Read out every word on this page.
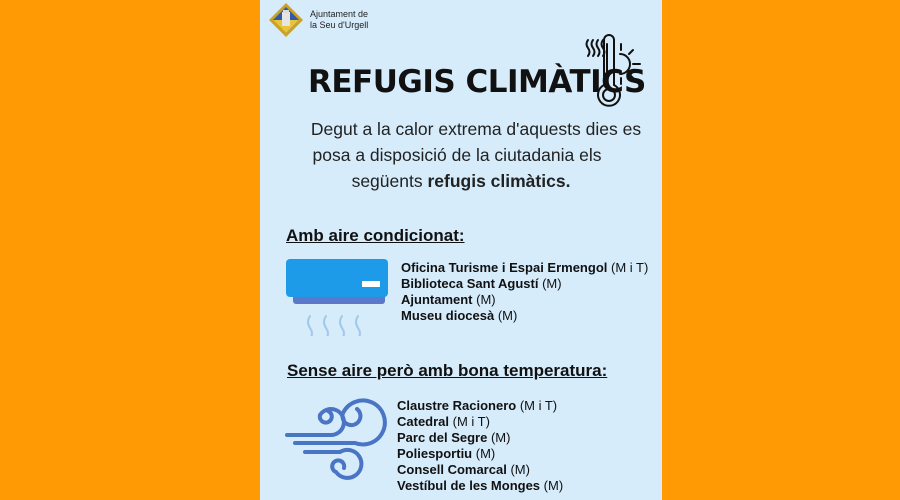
Ajuntament de
la Seu d'Urgell
REFUGIS CLIMÀTICS
Degut a la calor extrema d'aquests dies es
posa a disposició de la ciutadania els
següents refugis climàtics.
Amb aire condicionat:
Oficina Turisme i Espai Ermengol (M i T)
Biblioteca Sant Agustí (M)
Ajuntament (M)
Museu diocesà (M)
Sense aire però amb bona temperatura:
Claustre Racionero (M i T)
Catedral (M i T)
Parc del Segre (M)
Poliesportiu (M)
Consell Comarcal (M)
Vestíbul de les Monges (M)
